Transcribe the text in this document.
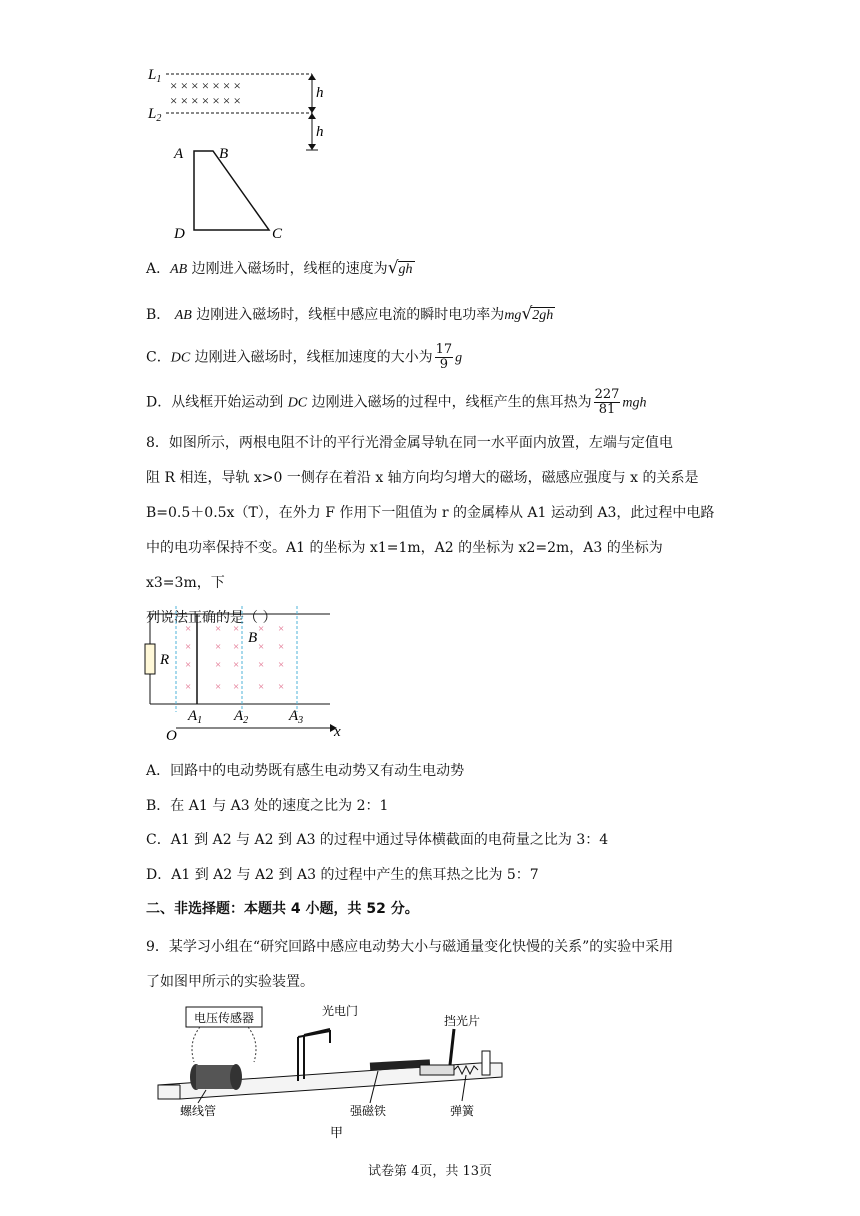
× × × × × × ×
× × × × × × ×
$L_1$
$L_2$
h
h
A B
D	C
A．AB 边刚进入磁场时，线框的速度为√gh
B． AB 边刚进入磁场时，线框中感应电流的瞬时电功率为mg√2gh
C．DC 边刚进入磁场时，线框加速度的大小为 $\frac{17}{9}$ g
D．从线框开始运动到 DC 边刚进入磁场的过程中，线框产生的焦耳热为 $\frac{227}{81}$ mgh
8．如图所示，两根电阻不计的平行光滑金属导轨在同一水平面内放置，左端与定值电
阻 R 相连，导轨 x>0 一侧存在着沿 x 轴方向均匀增大的磁场，磁感应强度与 x 的关系是
B=0.5＋0.5x（T），在外力 F 作用下一阻值为 r 的金属棒从 A1 运动到 A3，此过程中电路
中的电功率保持不变。A1 的坐标为 x1=1m，A2 的坐标为 x2=2m，A3 的坐标为 x3=3m，下
列说法正确的是（ ）
R
× × × × ×
× × × × ×
× × × × ×
× × × × ×
B
O	x
$A_1$ $A_2$	$A_3$
A．回路中的电动势既有感生电动势又有动生电动势
B．在 A1 与 A3 处的速度之比为 2：1
C．A1 到 A2 与 A2 到 A3 的过程中通过导体横截面的电荷量之比为 3：4
D．A1 到 A2 与 A2 到 A3 的过程中产生的焦耳热之比为 5：7
二、非选择题：本题共 4 小题，共 52 分。
9．某学习小组在“研究回路中感应电动势大小与磁通量变化快慢的关系”的实验中采用
了如图甲所示的实验装置。
电压传感器	光电门
挡光片
螺线管	强磁铁	弹簧
甲
试卷第 4页，共 13页
